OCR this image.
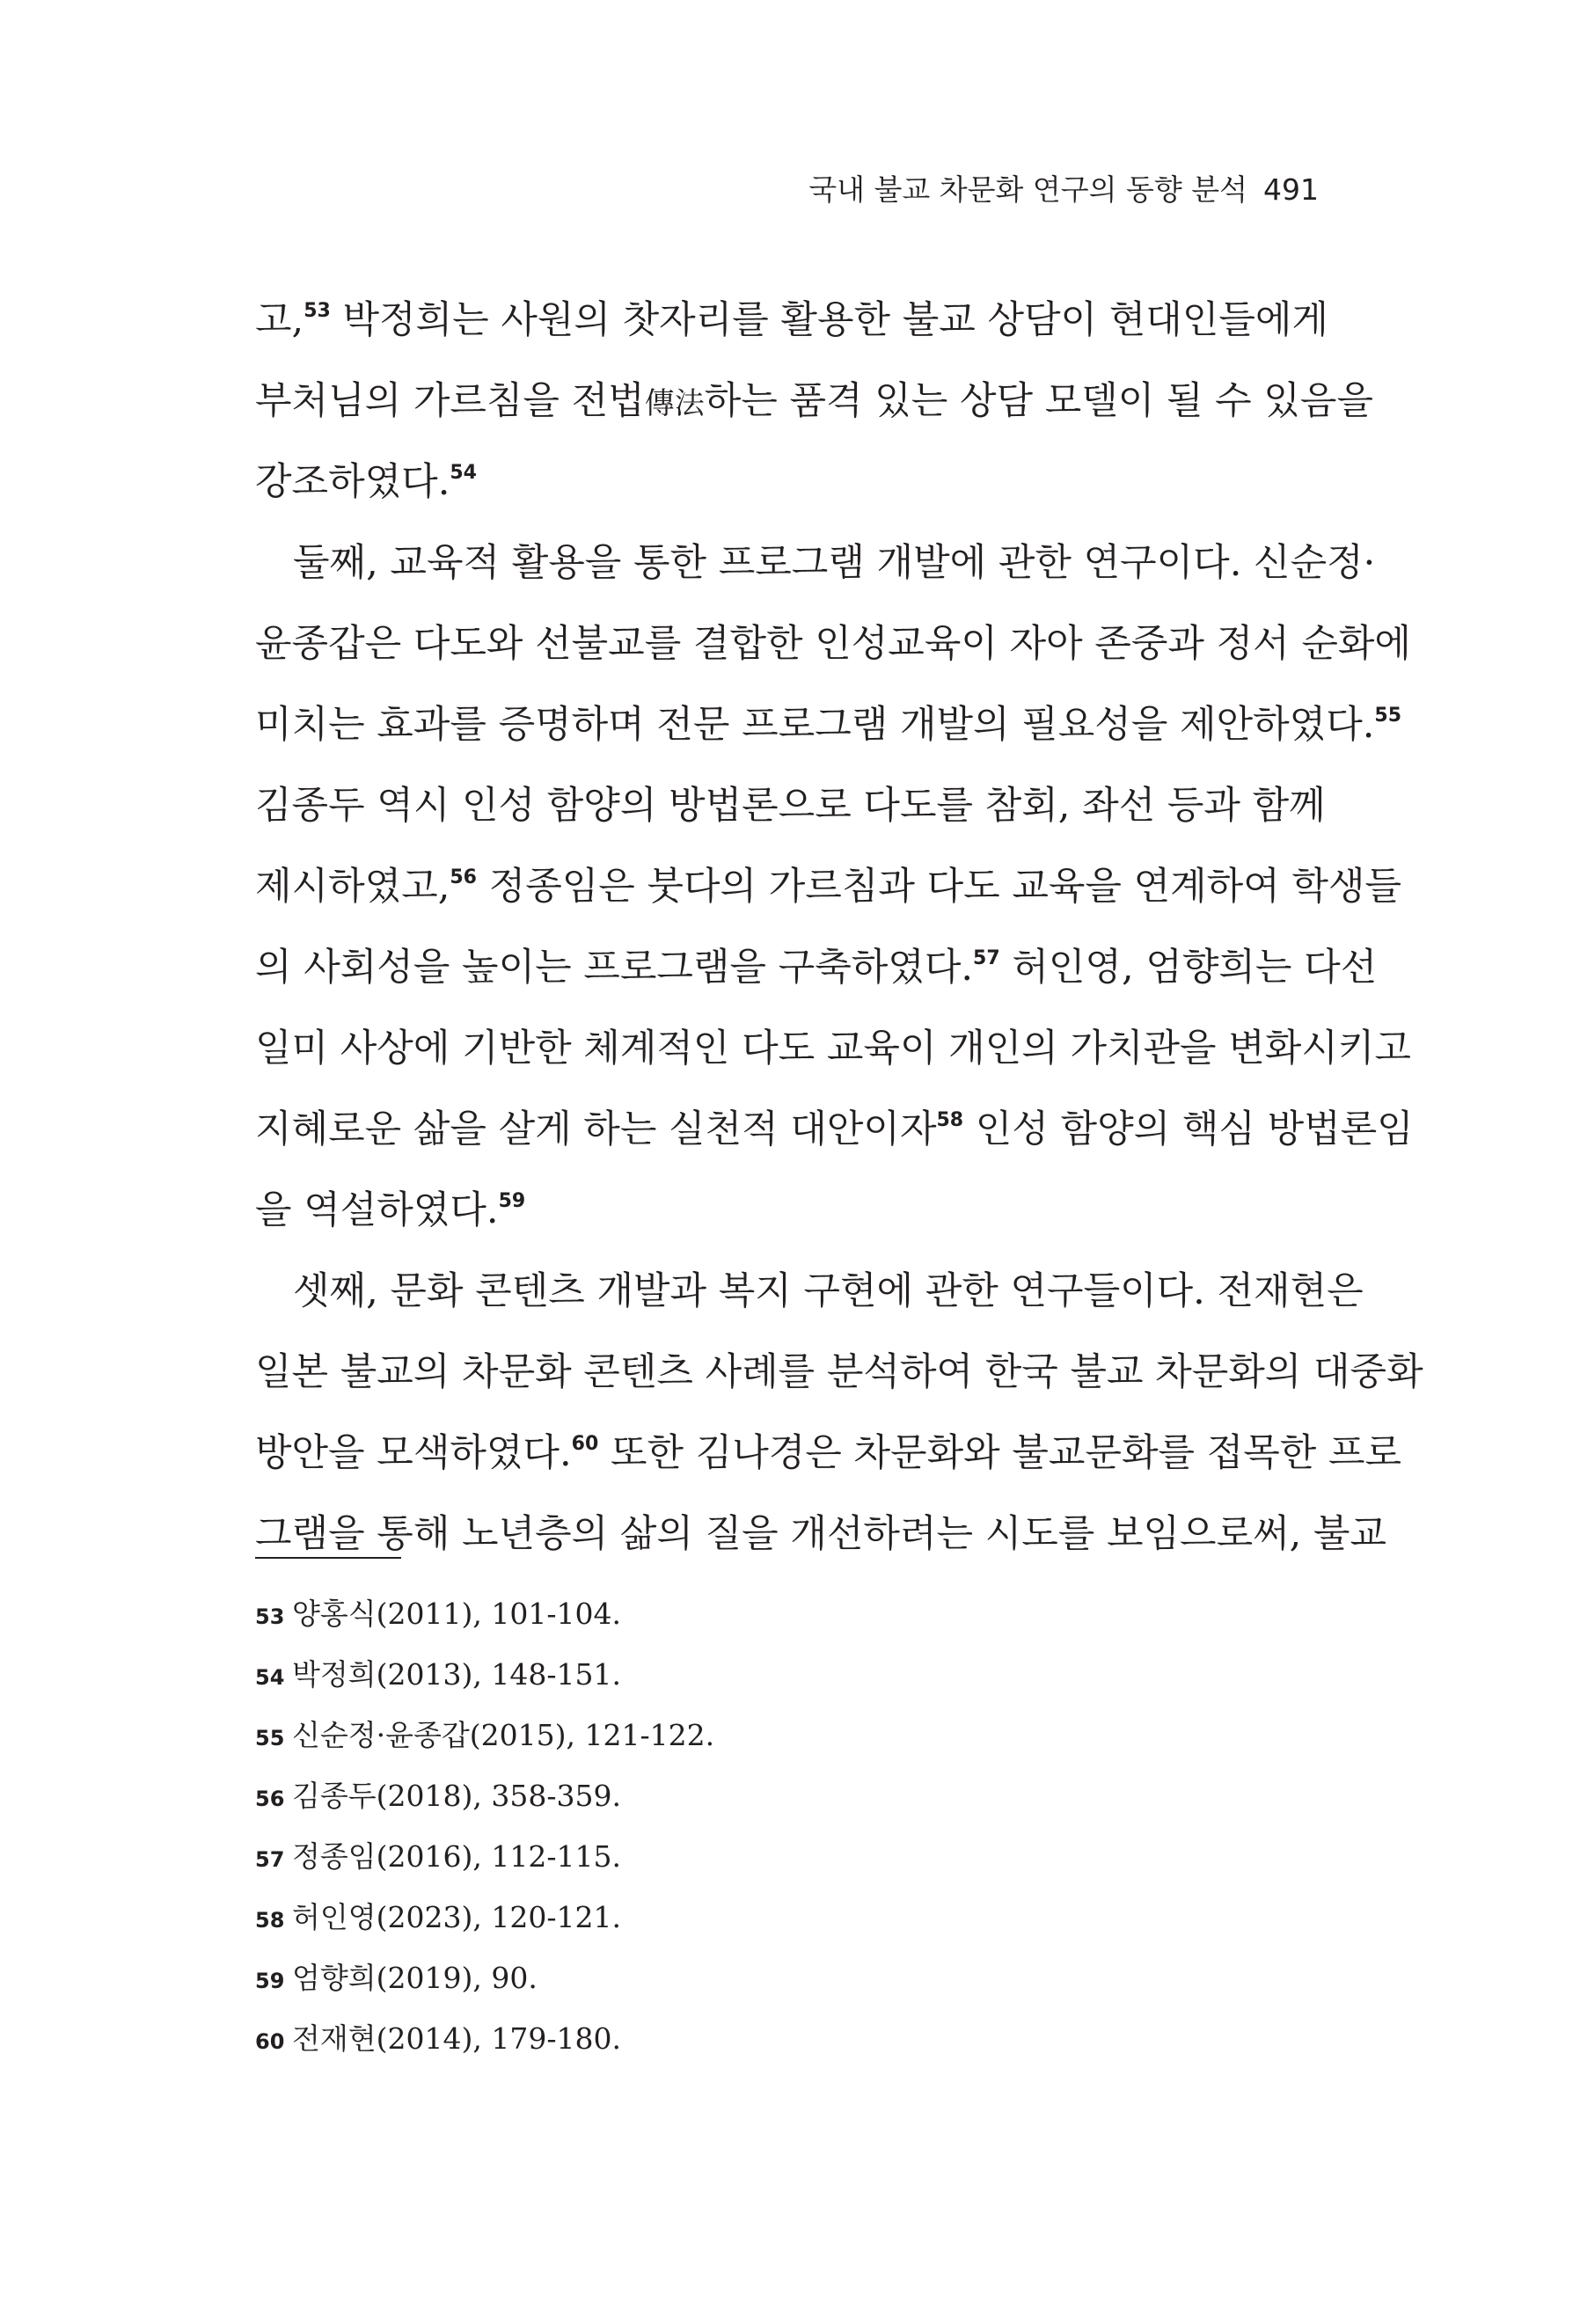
국내 불교 차문화 연구의 동향 분석 491
고,$^{53}$ 박정희는 사원의 찻자리를 활용한 불교 상담이 현대인들에게
부처님의 가르침을 전법傳法하는 품격 있는 상담 모델이 될 수 있음을
강조하였다.$^{54}$
둘째, 교육적 활용을 통한 프로그램 개발에 관한 연구이다. 신순정·
윤종갑은 다도와 선불교를 결합한 인성교육이 자아 존중과 정서 순화에
미치는 효과를 증명하며 전문 프로그램 개발의 필요성을 제안하였다.$^{55}$
김종두 역시 인성 함양의 방법론으로 다도를 참회, 좌선 등과 함께
제시하였고,$^{56}$ 정종임은 붓다의 가르침과 다도 교육을 연계하여 학생들
의 사회성을 높이는 프로그램을 구축하였다.$^{57}$ 허인영, 엄향희는 다선
일미 사상에 기반한 체계적인 다도 교육이 개인의 가치관을 변화시키고
지혜로운 삶을 살게 하는 실천적 대안이자$^{58}$ 인성 함양의 핵심 방법론임
을 역설하였다.$^{59}$
셋째, 문화 콘텐츠 개발과 복지 구현에 관한 연구들이다. 전재현은
일본 불교의 차문화 콘텐츠 사례를 분석하여 한국 불교 차문화의 대중화
방안을 모색하였다.$^{60}$ 또한 김나경은 차문화와 불교문화를 접목한 프로
그램을 통해 노년층의 삶의 질을 개선하려는 시도를 보임으로써, 불교
53 양홍식(2011), 101-104.
54 박정희(2013), 148-151.
55 신순정·윤종갑(2015), 121-122.
56 김종두(2018), 358-359.
57 정종임(2016), 112-115.
58 허인영(2023), 120-121.
59 엄향희(2019), 90.
60 전재현(2014), 179-180.
